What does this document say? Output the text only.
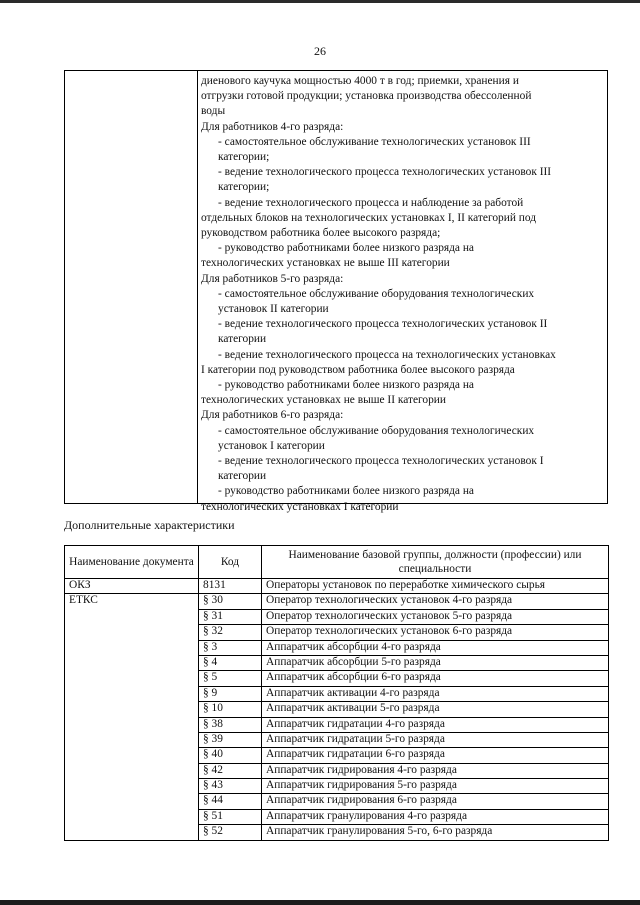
26
диенового каучука мощностью 4000 т в год; приемки, хранения и
отгрузки готовой продукции; установка производства обессоленной
воды
Для работников 4-го разряда:
- самостоятельное обслуживание технологических установок III
категории;
- ведение технологического процесса технологических установок III
категории;
- ведение технологического процесса и наблюдение за работой
отдельных блоков на технологических установках I, II категорий под
руководством работника более высокого разряда;
- руководство работниками более низкого разряда на
технологических установках не выше III категории
Для работников 5-го разряда:
- самостоятельное обслуживание оборудования технологических
установок II категории
- ведение технологического процесса технологических установок II
категории
- ведение технологического процесса на технологических установках
I категории под руководством работника более высокого разряда
- руководство работниками более низкого разряда на
технологических установках не выше II категории
Для работников 6-го разряда:
- самостоятельное обслуживание оборудования технологических
установок I категории
- ведение технологического процесса технологических установок I
категории
- руководство работниками более низкого разряда на
технологических установках I категории
Дополнительные характеристики
Наименование документа	Код	Наименование базовой группы, должности (профессии) или специальности
ОКЗ	8131	Операторы установок по переработке химического сырья
ЕТКС	§ 30	Оператор технологических установок 4-го разряда
	§ 31	Оператор технологических установок 5-го разряда
	§ 32	Оператор технологических установок 6-го разряда
	§ 3	Аппаратчик абсорбции 4-го разряда
	§ 4	Аппаратчик абсорбции 5-го разряда
	§ 5	Аппаратчик абсорбции 6-го разряда
	§ 9	Аппаратчик активации 4-го разряда
	§ 10	Аппаратчик активации 5-го разряда
	§ 38	Аппаратчик гидратации 4-го разряда
	§ 39	Аппаратчик гидратации 5-го разряда
	§ 40	Аппаратчик гидратации 6-го разряда
	§ 42	Аппаратчик гидрирования 4-го разряда
	§ 43	Аппаратчик гидрирования 5-го разряда
	§ 44	Аппаратчик гидрирования 6-го разряда
	§ 51	Аппаратчик гранулирования 4-го разряда
	§ 52	Аппаратчик гранулирования 5-го, 6-го разряда
